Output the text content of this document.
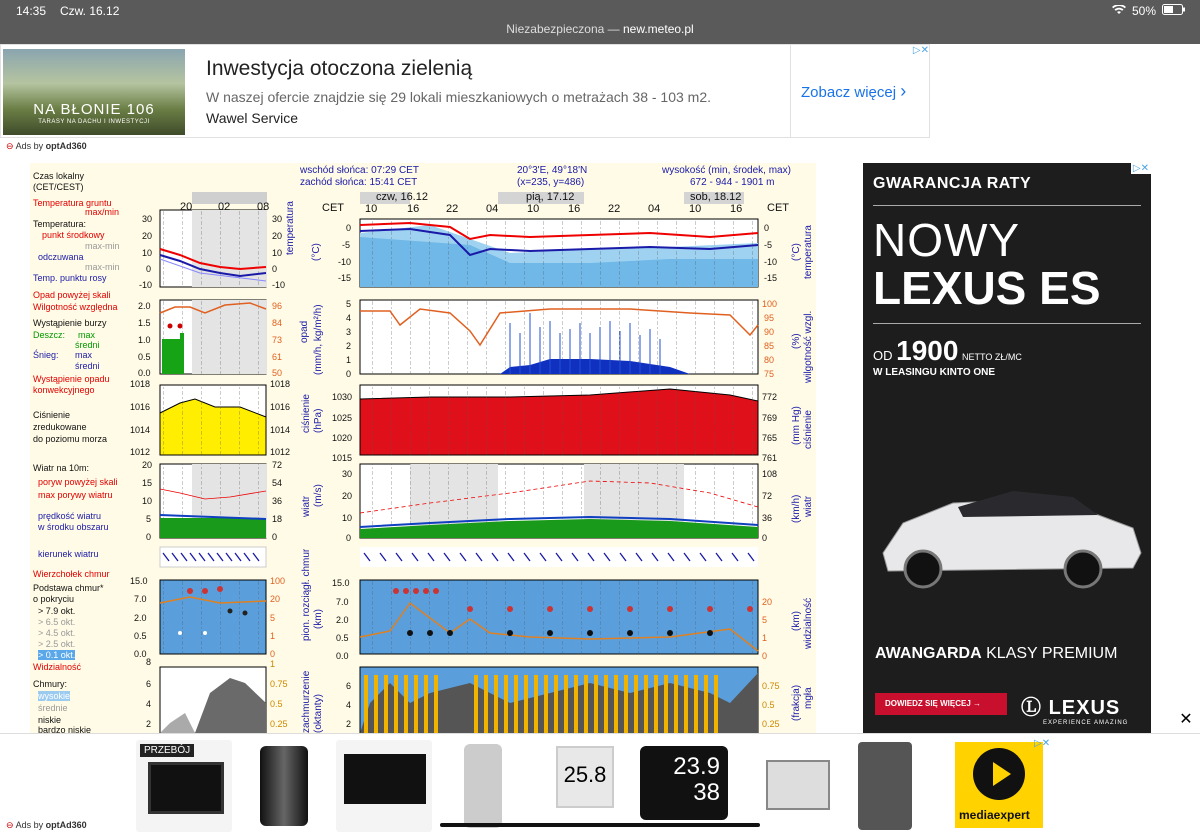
14:35 Czw. 16.12	50%
Niezabezpieczona — new.meteo.pl
NA BŁONIE 106
TARASY NA DACHU I INWESTYCJI
Inwestycja otoczona zielenią
W naszej ofercie znajdzie się 29 lokali mieszkaniowych o metrażach 38 - 103 m2.
Wawel Service
Zobacz więcej ›
▷✕
⊖ Ads by optAd360
wschód słońca: 07:29 CET
zachód słońca: 15:41 CET
20°3'E, 49°18'N
(x=235, y=486)
wysokość (min, środek, max)
672 - 944 - 1901 m
CET	CET
czw, 16.12	pią, 17.12	sob, 18.12
10	16 22	04	10	16	22	04	10	16
20 02 08
Czas lokalny
(CET/CEST)
Temperatura gruntu
max/min
Temperatura:
punkt środkowy
max-min
odczuwana
max-min
Temp. punktu rosy
Opad powyżej skali
Wilgotność względna
Wystąpienie burzy
Deszcz: max
średni
Śnieg: max
średni
Wystąpienie opadu
konwekcyjnego
Ciśnienie
zredukowane
do poziomu morza
Wiatr na 10m:
poryw powyżej skali
max porywy wiatru
prędkość wiatru
w środku obszaru
kierunek wiatru
Wierzchołek chmur
Podstawa chmur*
o pokryciu
> 7.9 okt.
> 6.5 okt.
> 4.5 okt.
> 2.5 okt.
> 0.1 okt.
Widzialność
Chmury:
wysokie
średnie
niskie
bardzo niskie
30
20
10
0
-10
30
20
10
0
-10
2.0
1.5
1.0
0.5
0.0
96
84
73
61
50
1018
1016
1014
1012
1018
1016
1014
1012
20
15
10
5
0
72
54
36
18
0
15.0
7.0
2.0
0.5
0.0
100
20
5
1
0
8
6
4
2
1
0.75
0.5
0.25
0
-5
-10
-15
0
-5
-10
-15
5
4
3
2
1
0
100
95
90
85
80
75
1030
1025
1020
1015
772
769
765
761
30
20
10
0
108
72
36
0
15.0
7.0
2.0
0.5
0.0
20
5
1
0
6
4
2
0.75
0.5
0.25
temperatura (°C)
opad (mm/h, kg/m²/h)
ciśnienie (hPa)
wiatr (m/s)
pion. rozciągł. chmur (km)
zachmurzenie (oktanty)
(°C) temperatura
(%) wilgotność wzgl.
(mm Hg) ciśnienie
(km/h) wiatr
(km) widzialność
(frakcja) mgła
▷✕
GWARANCJA RATY
NOWY
LEXUS ES
OD 1900 NETTO ZŁ/MC
W LEASINGU KINTO ONE
AWANGARDA KLASY PREMIUM
DOWIEDZ SIĘ WIĘCEJ →	Ⓛ LEXUS
EXPERIENCE AMAZING	✕
PRZEBÓJ
25.8	23.9
38
mediaexpert
▷✕
⊖ Ads by optAd360
